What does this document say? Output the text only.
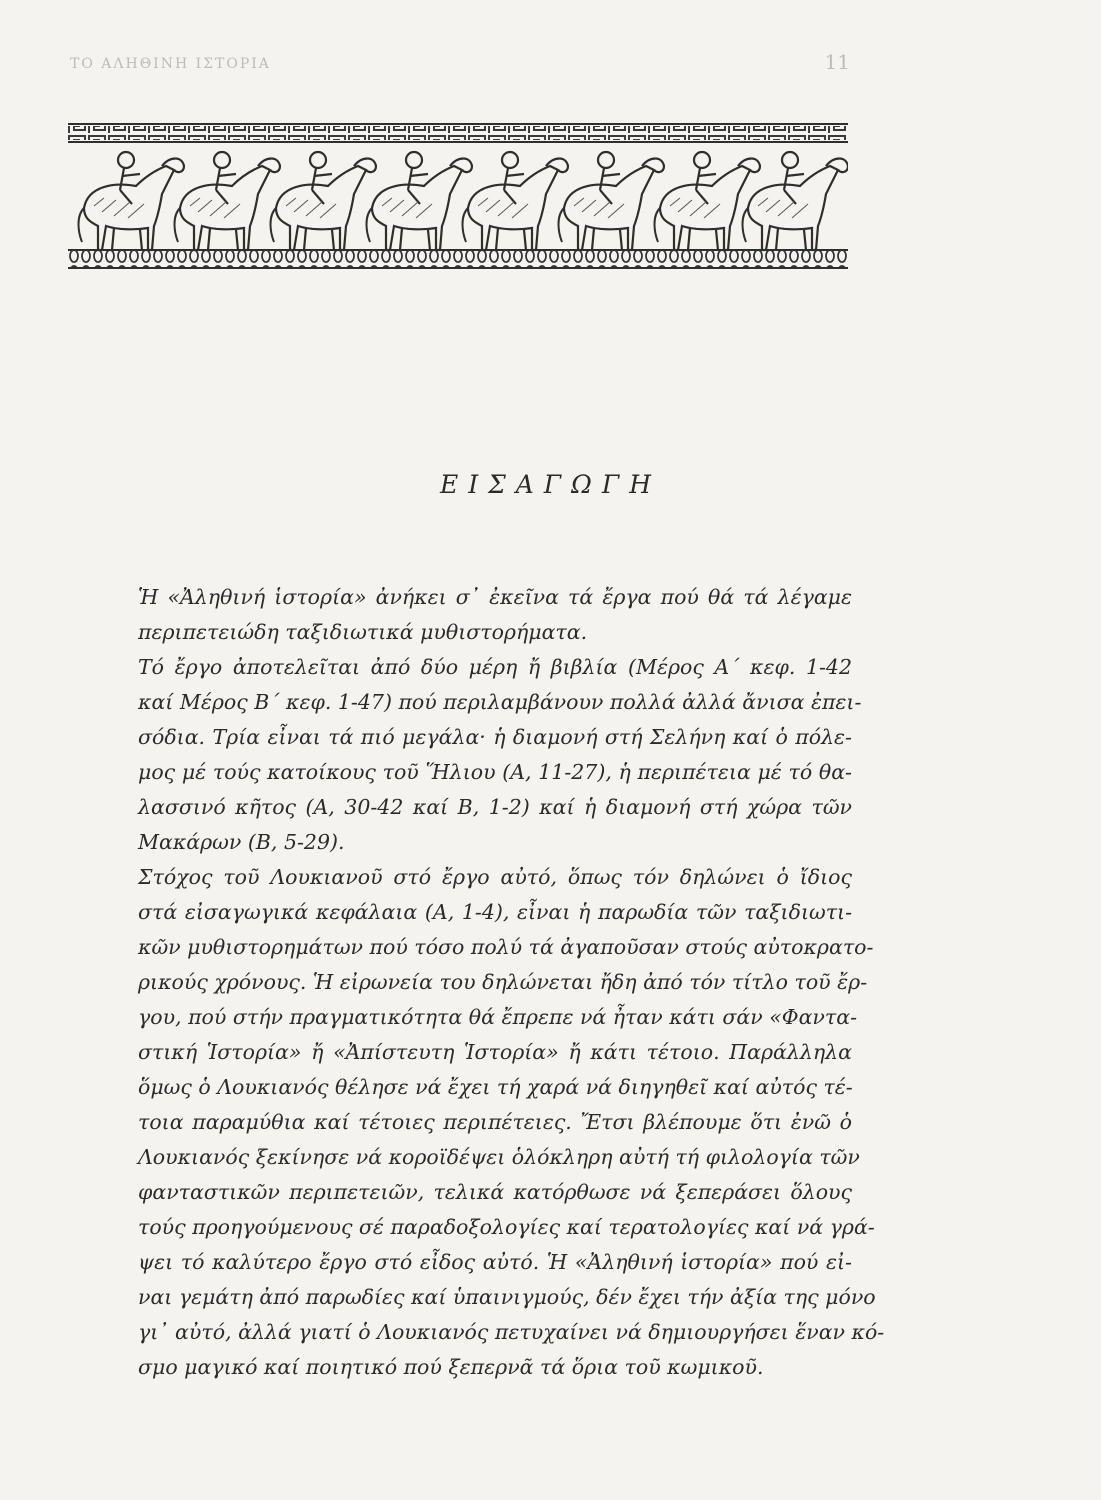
ΤΟ ΑΛΗΘΙΝΗ ΙΣΤΟΡΙΑ	11
ΕΙΣΑΓΩΓΗ

Ἡ «Ἀληθινή ἱστορία» ἀνήκει σ᾿ ἐκεῖνα τά ἔργα πού θά τά λέγαμε
περιπετειώδη ταξιδιωτικά μυθιστορήματα.

Τό ἔργο ἀποτελεῖται ἀπό δύο μέρη ἤ βιβλία (Μέρος Α΄ κεφ. 1-42
καί Μέρος Β΄ κεφ. 1-47) πού περιλαμβάνουν πολλά ἀλλά ἄνισα ἐπει-
σόδια. Τρία εἶναι τά πιό μεγάλα· ἡ διαμονή στή Σελήνη καί ὁ πόλε-
μος μέ τούς κατοίκους τοῦ Ἥλιου (Α, 11-27), ἡ περιπέτεια μέ τό θα-
λασσινό κῆτος (Α, 30-42 καί Β, 1-2) καί ἡ διαμονή στή χώρα τῶν
Μακάρων (Β, 5-29).

Στόχος τοῦ Λουκιανοῦ στό ἔργο αὐτό, ὅπως τόν δηλώνει ὁ ἴδιος
στά εἰσαγωγικά κεφάλαια (Α, 1-4), εἶναι ἡ παρωδία τῶν ταξιδιωτι-
κῶν μυθιστορημάτων πού τόσο πολύ τά ἀγαποῦσαν στούς αὐτοκρατο-
ρικούς χρόνους. Ἡ εἰρωνεία του δηλώνεται ἤδη ἀπό τόν τίτλο τοῦ ἔρ-
γου, πού στήν πραγματικότητα θά ἔπρεπε νά ἦταν κάτι σάν «Φαντα-
στική Ἱστορία» ἤ «Ἀπίστευτη Ἱστορία» ἤ κάτι τέτοιο. Παράλληλα
ὅμως ὁ Λουκιανός θέλησε νά ἔχει τή χαρά νά διηγηθεῖ καί αὐτός τέ-
τοια παραμύθια καί τέτοιες περιπέτειες. Ἔτσι βλέπουμε ὅτι ἐνῶ ὁ
Λουκιανός ξεκίνησε νά κοροϊδέψει ὁλόκληρη αὐτή τή φιλολογία τῶν
φανταστικῶν περιπετειῶν, τελικά κατόρθωσε νά ξεπεράσει ὅλους
τούς προηγούμενους σέ παραδοξολογίες καί τερατολογίες καί νά γρά-
ψει τό καλύτερο ἔργο στό εἶδος αὐτό. Ἡ «Ἀληθινή ἱστορία» πού εἰ-
ναι γεμάτη ἀπό παρωδίες καί ὑπαινιγμούς, δέν ἔχει τήν ἀξία της μόνο
γι᾿ αὐτό, ἀλλά γιατί ὁ Λουκιανός πετυχαίνει νά δημιουργήσει ἕναν κό-
σμο μαγικό καί ποιητικό πού ξεπερνᾶ τά ὅρια τοῦ κωμικοῦ.
